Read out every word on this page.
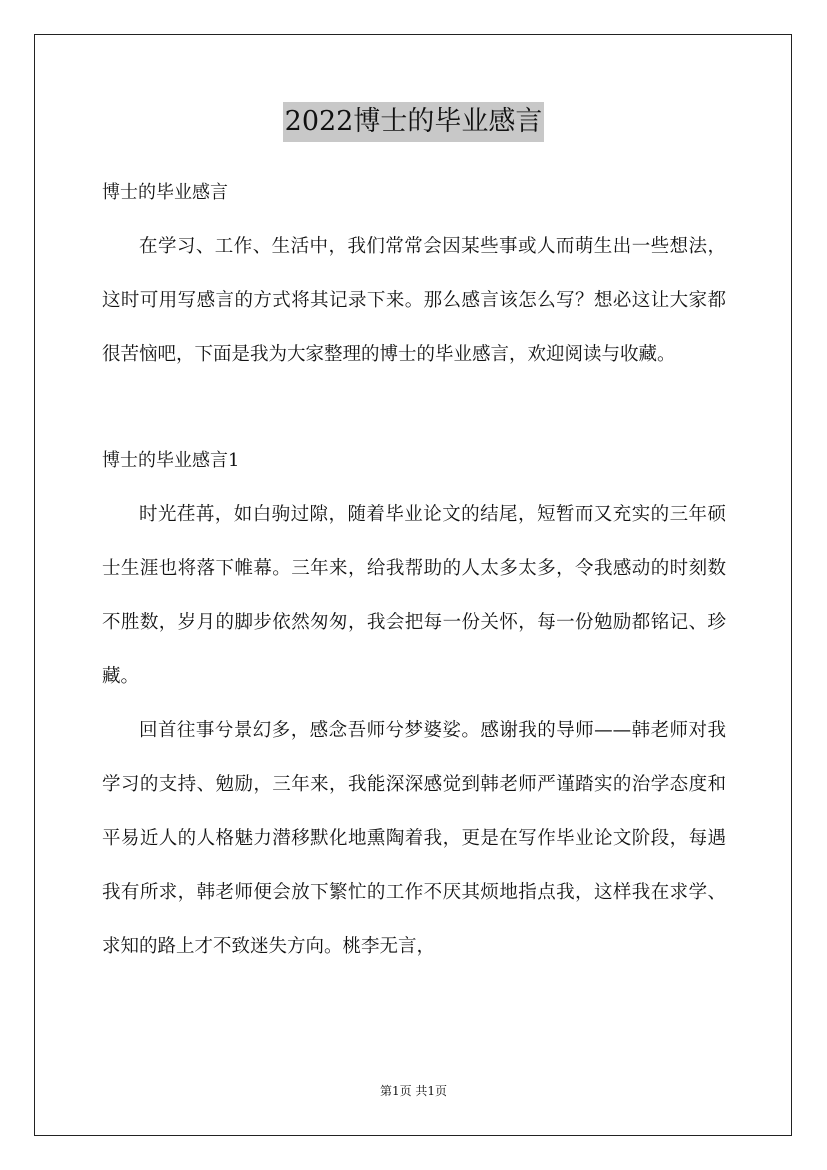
2022博士的毕业感言

博士的毕业感言

在学习、工作、生活中，我们常常会因某些事或人而萌生出一些想法，这时可用写感言的方式将其记录下来。那么感言该怎么写？想必这让大家都很苦恼吧，下面是我为大家整理的博士的毕业感言，欢迎阅读与收藏。

博士的毕业感言1

时光荏苒，如白驹过隙，随着毕业论文的结尾，短暂而又充实的三年硕士生涯也将落下帷幕。三年来，给我帮助的人太多太多，令我感动的时刻数不胜数，岁月的脚步依然匆匆，我会把每一份关怀，每一份勉励都铭记、珍藏。

回首往事兮景幻多，感念吾师兮梦婆娑。感谢我的导师——韩老师对我学习的支持、勉励，三年来，我能深深感觉到韩老师严谨踏实的治学态度和平易近人的人格魅力潜移默化地熏陶着我，更是在写作毕业论文阶段，每遇我有所求，韩老师便会放下繁忙的工作不厌其烦地指点我，这样我在求学、求知的路上才不致迷失方向。桃李无言，

第1页 共1页
